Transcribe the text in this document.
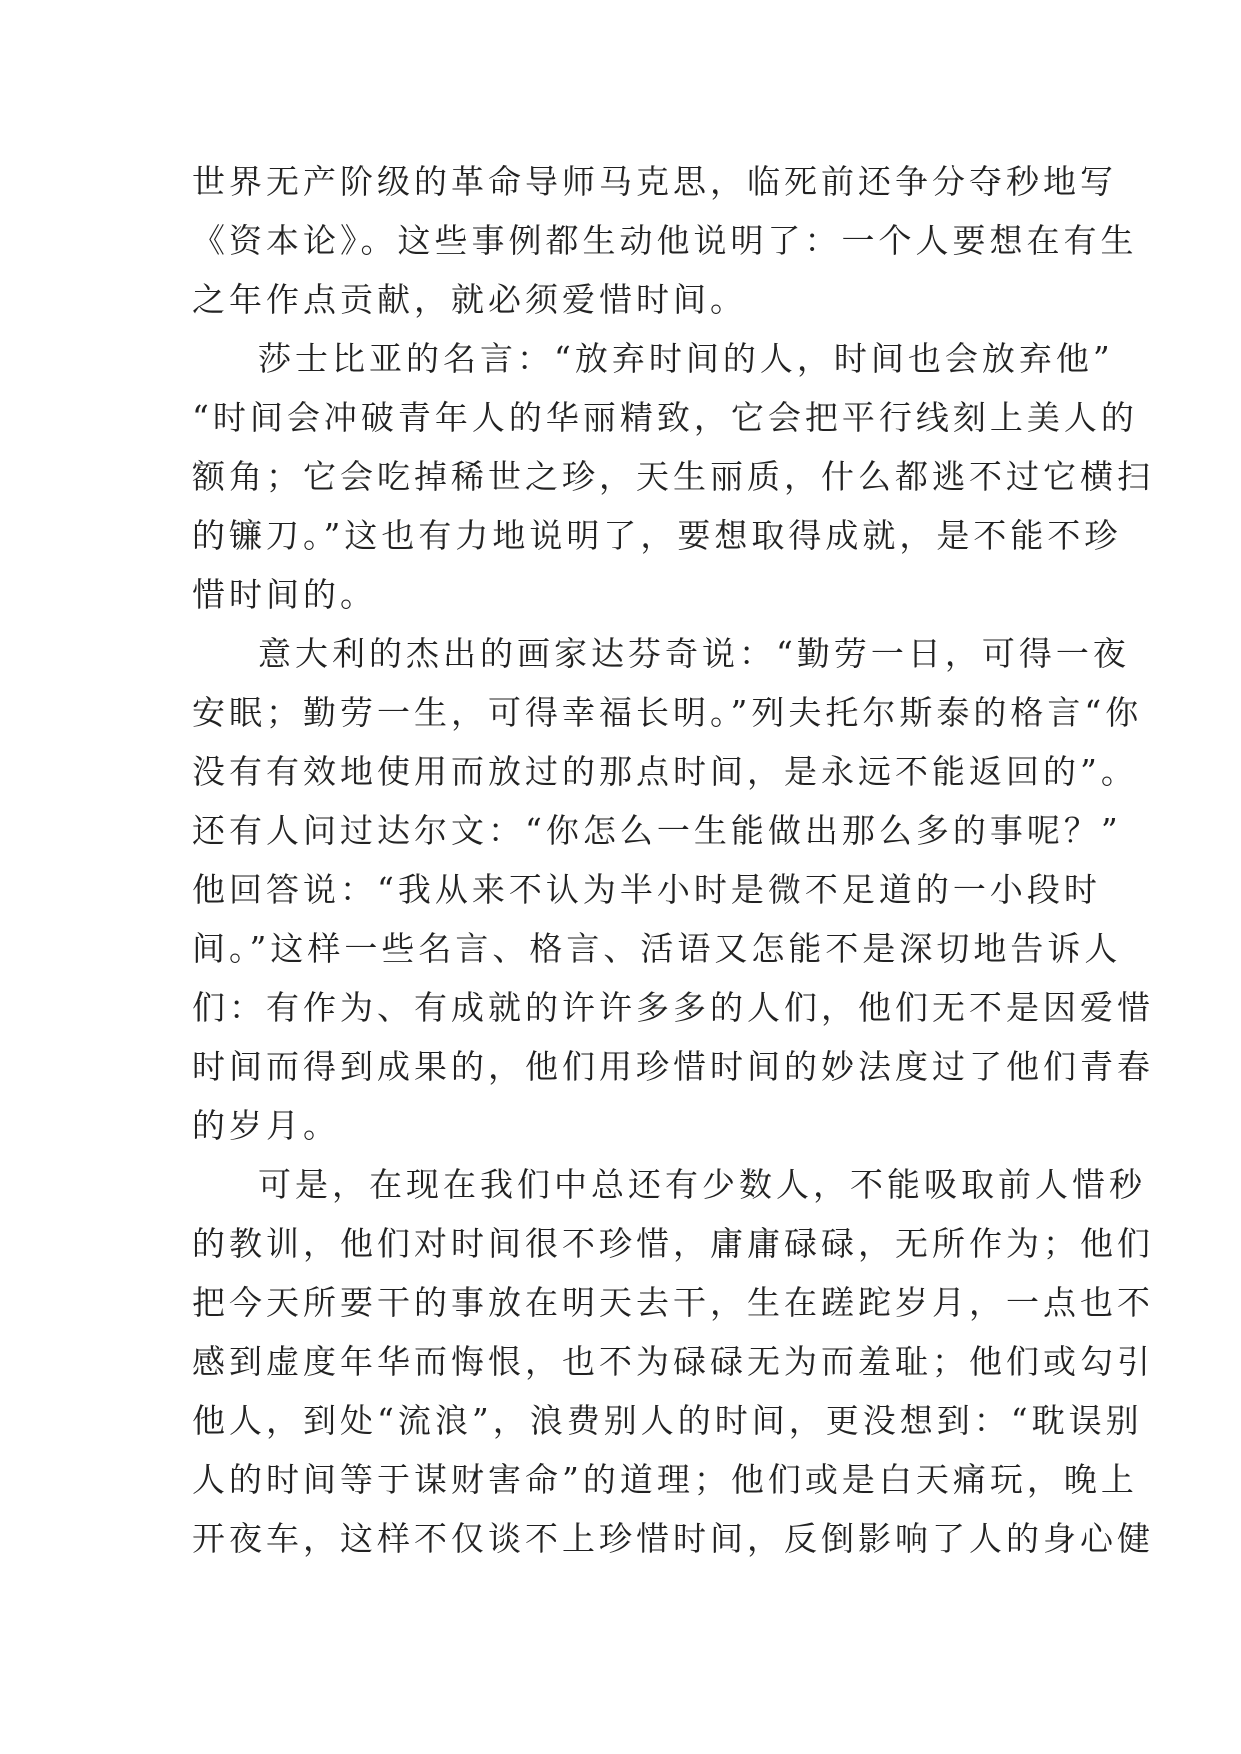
世界无产阶级的革命导师马克思，临死前还争分夺秒地写
《资本论》。这些事例都生动他说明了：一个人要想在有生
之年作点贡献，就必须爱惜时间。
莎士比亚的名言：“放弃时间的人，时间也会放弃他”
“时间会冲破青年人的华丽精致，它会把平行线刻上美人的
额角；它会吃掉稀世之珍，天生丽质，什么都逃不过它横扫
的镰刀。”这也有力地说明了，要想取得成就，是不能不珍
惜时间的。
意大利的杰出的画家达芬奇说：“勤劳一日，可得一夜
安眠；勤劳一生，可得幸福长明。”列夫托尔斯泰的格言“你
没有有效地使用而放过的那点时间，是永远不能返回的”。
还有人问过达尔文：“你怎么一生能做出那么多的事呢？”
他回答说：“我从来不认为半小时是微不足道的一小段时
间。”这样一些名言、格言、活语又怎能不是深切地告诉人
们：有作为、有成就的许许多多的人们，他们无不是因爱惜
时间而得到成果的，他们用珍惜时间的妙法度过了他们青春
的岁月。
可是，在现在我们中总还有少数人，不能吸取前人惜秒
的教训，他们对时间很不珍惜，庸庸碌碌，无所作为；他们
把今天所要干的事放在明天去干，生在蹉跎岁月，一点也不
感到虚度年华而悔恨，也不为碌碌无为而羞耻；他们或勾引
他人，到处“流浪”，浪费别人的时间，更没想到：“耽误别
人的时间等于谋财害命”的道理；他们或是白天痛玩，晚上
开夜车，这样不仅谈不上珍惜时间，反倒影响了人的身心健
